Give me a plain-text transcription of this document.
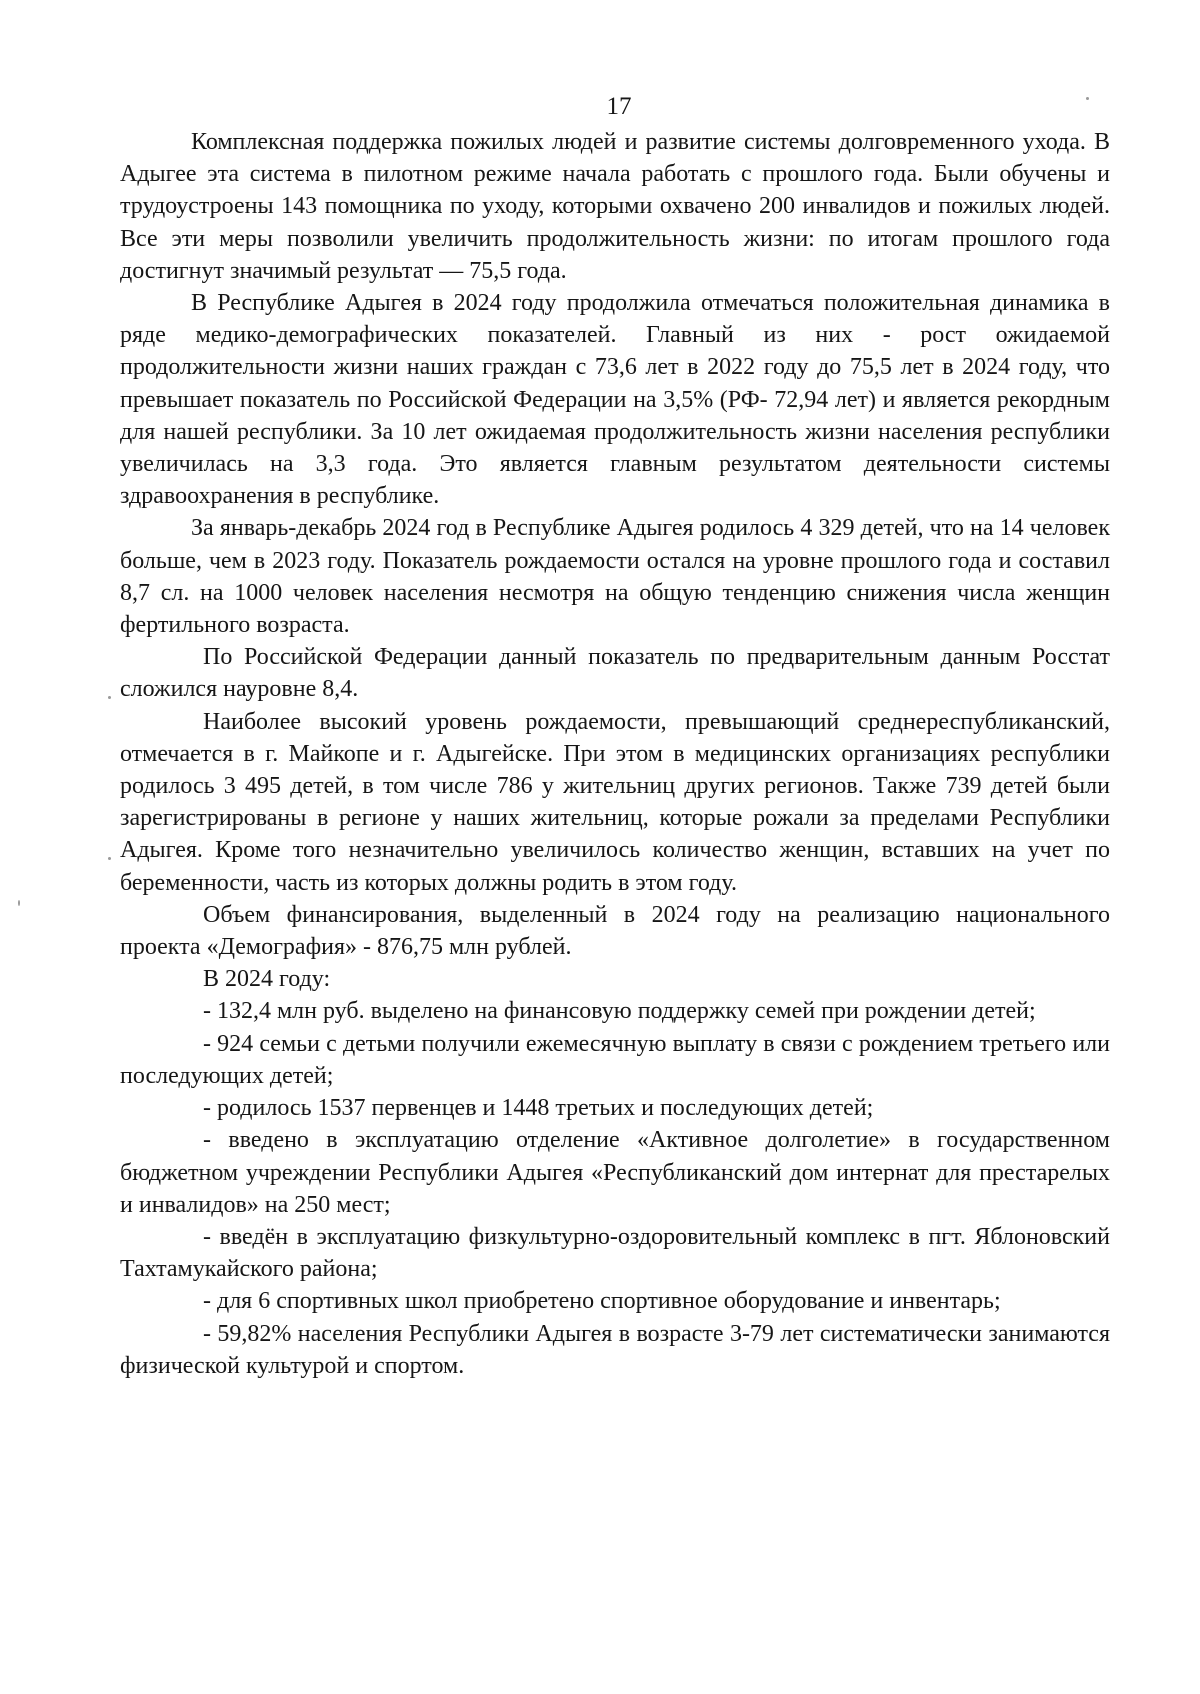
17

Комплексная поддержка пожилых людей и развитие системы долговременного ухода. В Адыгее эта система в пилотном режиме начала работать с прошлого года. Были обучены и трудоустроены 143 помощника по уходу, которыми охвачено 200 инвалидов и пожилых людей. Все эти меры позволили увеличить продолжительность жизни: по итогам прошлого года достигнут значимый результат — 75,5 года.

В Республике Адыгея в 2024 году продолжила отмечаться положительная динамика в ряде медико-демографических показателей. Главный из них - рост ожидаемой продолжительности жизни наших граждан с 73,6 лет в 2022 году до 75,5 лет в 2024 году, что превышает показатель по Российской Федерации на 3,5% (РФ- 72,94 лет) и является рекордным для нашей республики. За 10 лет ожидаемая продолжительность жизни населения республики увеличилась на 3,3 года. Это является главным результатом деятельности системы здравоохранения в республике.

За январь-декабрь 2024 год в Республике Адыгея родилось 4 329 детей, что на 14 человек больше, чем в 2023 году. Показатель рождаемости остался на уровне прошлого года и составил 8,7 сл. на 1000 человек населения несмотря на общую тенденцию снижения числа женщин фертильного возраста.

По Российской Федерации данный показатель по предварительным данным Росстат сложился науровне 8,4.

Наиболее высокий уровень рождаемости, превышающий среднереспубликанский, отмечается в г. Майкопе и г. Адыгейске. При этом в медицинских организациях республики родилось 3 495 детей, в том числе 786 у жительниц других регионов. Также 739 детей были зарегистрированы в регионе у наших жительниц, которые рожали за пределами Республики Адыгея. Кроме того незначительно увеличилось количество женщин, вставших на учет по беременности, часть из которых должны родить в этом году.

Объем финансирования, выделенный в 2024 году на реализацию национального проекта «Демография» - 876,75 млн рублей.

В 2024 году:

- 132,4 млн руб. выделено на финансовую поддержку семей при рождении детей;

- 924 семьи с детьми получили ежемесячную выплату в связи с рождением третьего или последующих детей;

- родилось 1537 первенцев и 1448 третьих и последующих детей;

- введено в эксплуатацию отделение «Активное долголетие» в государственном бюджетном учреждении Республики Адыгея «Республиканский дом интернат для престарелых и инвалидов» на 250 мест;

- введён в эксплуатацию физкультурно-оздоровительный комплекс в пгт. Яблоновский Тахтамукайского района;

- для 6 спортивных школ приобретено спортивное оборудование и инвентарь;

- 59,82% населения Республики Адыгея в возрасте 3-79 лет систематически занимаются физической культурой и спортом.
